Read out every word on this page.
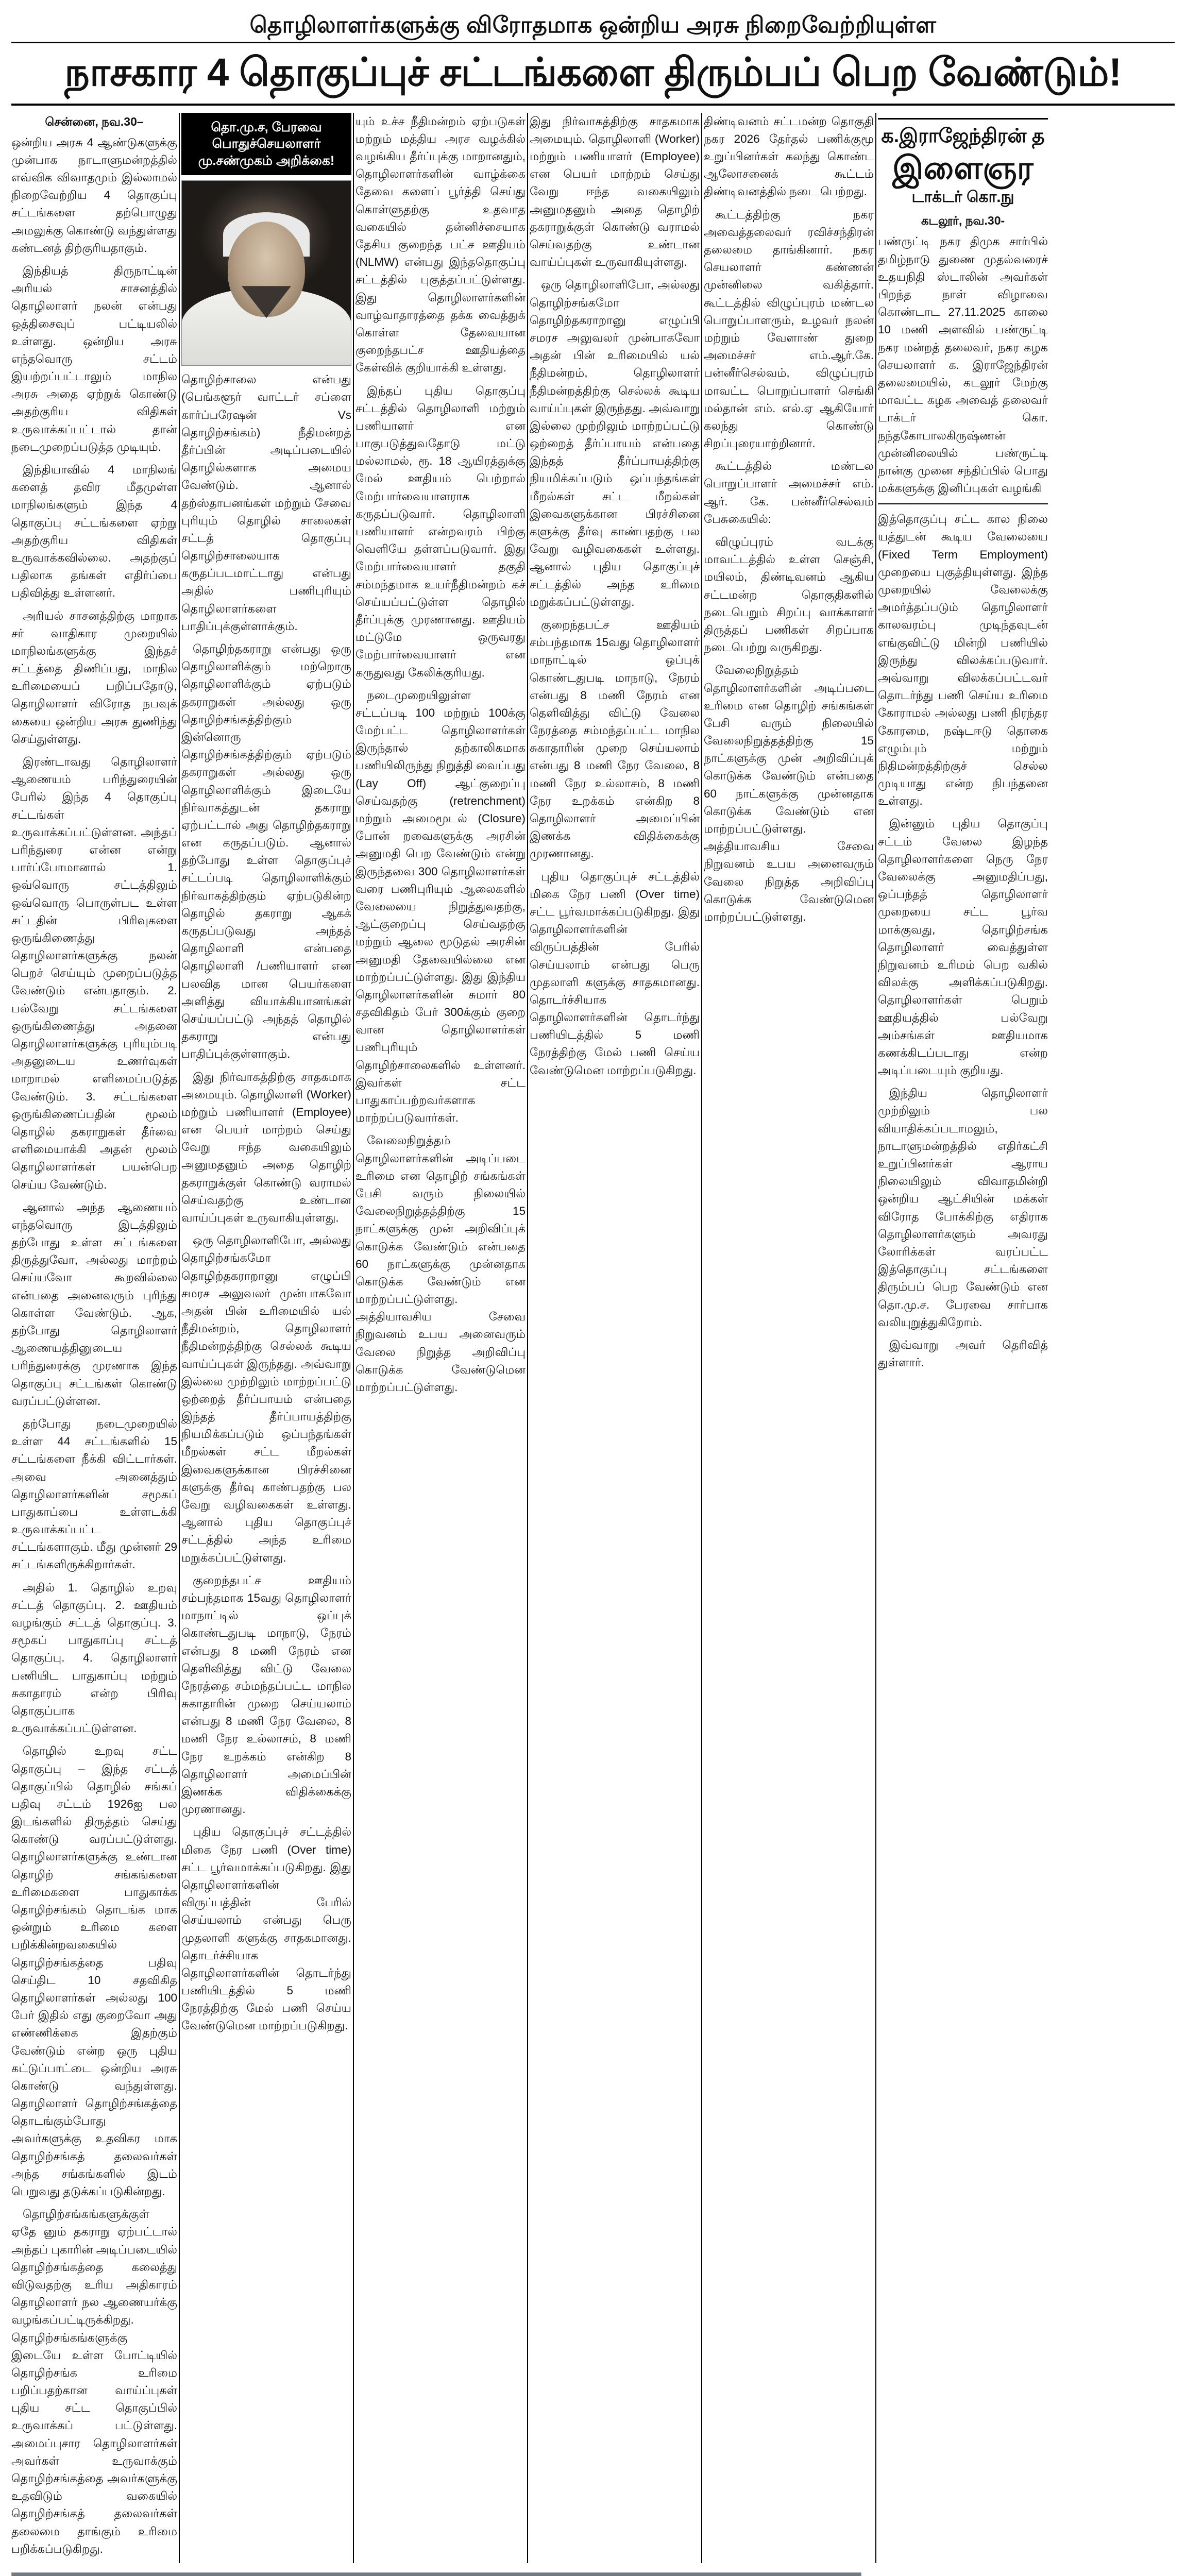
தொழிலாளர்களுக்கு விரோதமாக ஒன்றிய அரசு நிறைவேற்றியுள்ள
நாசகார 4 தொகுப்புச் சட்டங்களை திரும்பப் பெற வேண்டும்!
சென்னை, நவ.30–

ஒன்றிய அரசு 4 ஆண்டுகளுக்கு முன்பாக நாடாளுமன்றத்தில் எவ்விக விவாதமும் இல்லாமல் நிறைவேற்றிய 4 தொகுப்பு சட்டங்களை தற்பொழுது அமலுக்கு கொண்டு வந்துள்ளது கண்டனத் திற்குரியதாகும்.

இந்தியத் திருநாட்டின் அரியல் சாசனத்தில் தொழிலாளர் நலன் என்பது ஒத்திசைவுப் பட்டியலில் உள்ளது. ஒன்றிய அரசு எந்தவொரு சட்டம் இயற்றப்பட்டாலும் மாநில அரசு அதை ஏற்றுக் கொண்டு அதற்குரிய விதிகள் உருவாக்கப்பட்டால் தான் நடைமுறைப்படுத்த முடியும்.

இந்தியாவில் 4 மாநிலங் களைத் தவிர மீதமுள்ள மாநிலங்களும் இந்த 4 தொகுப்பு சட்டங்களை ஏற்று அதற்குரிய விதிகள் உருவாக்கவில்லை. அதற்குப் பதிலாக தங்கள் எதிர்ப்பை பதிவித்து உள்ளனர்.

அரியல் சாசனத்திற்கு மாறாக சர் வாதிகார முறையில் மாநிலங்களுக்கு இந்தச் சட்டத்தை திணிப்பது, மாநில உரிமையைப் பறிப்பதோடு, தொழிலாளர் விரோத நபவுக் கையை ஒன்றிய அரசு துணிந்து செய்துள்ளது.

இரண்டாவது தொழிலாளர் ஆணையம் பரிந்துரையின் பேரில் இந்த 4 தொகுப்பு சட்டங்கள் உருவாக்கப்பட்டுள்ளன. அந்தப் பரிந்துரை என்ன என்று பார்ப்போமானால் 1. ஒவ்வொரு சட்டத்திலும் ஒவ்வொரு பொருள்பட உள்ள சட்டதின் பிரிவுகளை ஒருங்கிணைத்து தொழிலாளர்களுக்கு நலன் பெறச் செய்யும் முறைப்படுத்த வேண்டும் என்பதாகும். 2. பல்வேறு சட்டங்களை ஒருங்கிணைத்து அதனை தொழிலாளர்களுக்கு புரியும்படி அதனுடைய உணர்வுகள் மாறாமல் எளிமைப்படுத்த வேண்டும். 3. சட்டங்களை ஒருங்கிணைப்பதின் மூலம் தொழில் தகராறுகள் தீர்வை எளிமையாக்கி அதன் மூலம் தொழிலாளர்கள் பயன்பெற செய்ய வேண்டும்.

ஆனால் அந்த ஆணையம் எந்தவொரு இடத்திலும் தற்போது உள்ள சட்டங்களை திருத்துவோ, அல்லது மாற்றம் செய்யவோ கூறவில்லை என்பதை அனைவரும் புரிந்து கொள்ள வேண்டும். ஆக, தற்போது தொழிலாளர் ஆணையத்தினுடைய பரிந்துரைக்கு முரணாக இந்த தொகுப்பு சட்டங்கள் கொண்டு வரப்பட்டுள்ளன.

தற்போது நடைமுறையில் உள்ள 44 சட்டங்களில் 15 சட்டங்களை நீக்கி விட்டார்கள். அவை அனைத்தும் தொழிலாளர்களின் சமூகப் பாதுகாப்பை உள்ளடக்கி உருவாக்கப்பட்ட சட்டங்களாகும். மீது முன்னர் 29 சட்டங்களிருக்கிறார்கள்.

அதில் 1. தொழில் உறவு சட்டத் தொகுப்பு. 2. ஊதியம் வழங்கும் சட்டத் தொகுப்பு. 3. சமூகப் பாதுகாப்பு சட்டத் தொகுப்பு. 4. தொழிலாளர் பணியிட பாதுகாப்பு மற்றும் சுகாதாரம் என்ற பிரிவு தொகுப்பாக உருவாக்கப்பட்டுள்ளன.

தொழில் உறவு சட்ட தொகுப்பு – இந்த சட்டத் தொகுப்பில் தொழில் சங்கப் பதிவு சட்டம் 1926ஐ பல இடங்களில் திருத்தம் செய்து கொண்டு வரப்பட்டுள்ளது. தொழிலாளர்களுக்கு உண்டான தொழிற் சங்கங்களை உரிமைகளை பாதுகாக்க தொழிற்சங்கம் தொடங்க மாக ஒன்றும் உரிமை களை பறிக்கின்றவகையில் தொழிற்சங்கத்தை பதிவு செய்திட 10 சதவிகித தொழிலாளர்கள் அல்லது 100 பேர் இதில் எது குறைவோ அது எண்ணிக்கை இதற்கும் வேண்டும் என்ற ஒரு புதிய கட்டுப்பாட்டை ஒன்றிய அரசு கொண்டு வந்துள்ளது. தொழிலாளர் தொழிற்சங்கத்தை தொடங்கும்போது அவர்களுக்கு உதவிகர மாக தொழிற்சங்கத் தலைவர்கள் அந்த சங்கங்களில் இடம் பெறுவது தடுக்கப்படுகின்றது.

தொழிற்சங்கங்களுக்குள் ஏதே னும் தகராறு ஏற்பட்டால் அந்தப் புகாரின் அடிப்படையில் தொழிற்சங்கத்தை கலைத்து விடுவதற்கு உரிய அதிகாரம் தொழிலாளர் நல ஆணையர்க்கு வழங்கப்பட்டிருக்கிறது. தொழிற்சங்கங்களுக்கு இடையே உள்ள போட்டியில் தொழிற்சங்க உரிமை பறிப்பதற்கான வாய்ப்புகள் புதிய சட்ட தொகுப்பில் உருவாக்கப் பட்டுள்ளது. அமைப்புசார தொழிலாளர்கள் அவர்கள் உருவாக்கும் தொழிற்சங்கத்தை அவர்களுக்கு உதவிடும் வகையில் தொழிற்சங்கத் தலைவர்கள் தலைமை தாங்கும் உரிமை பறிக்கப்படுகிறது.

தொ.மு.ச, பேரவை பொதுச்செயலாளர் மு.சண்முகம் அறிக்கை!

தொழிற்சாலை என்பது (பெங்களூர் வாட்டர் சப்ளை கார்ப்பரேஷன் Vs தொழிற்சங்கம்) நீதிமன்றத் தீர்ப்பின் அடிப்படையில் தொழில்களாக அமைய வேண்டும். ஆனால் தற்ஸ்தாபனங்கள் மற்றும் சேவை புரியும் தொழில் சாலைகள் சட்டத் தொகுப்பு தொழிற்சாலையாக கருதப்படமாட்டாது என்பது அதில் பணிபுரியும் தொழிலாளர்களை பாதிப்புக்குள்ளாக்கும்.

தொழிற்தகராறு என்பது ஒரு தொழிலாளிக்கும் மற்றொரு தொழிலாளிக்கும் ஏற்படும் தகராறுகள் அல்லது ஒரு தொழிற்சங்கத்திற்கும் இன்னொரு தொழிற்சங்கத்திற்கும் ஏற்படும் தகராறுகள் அல்லது ஒரு தொழிலாளிக்கும் இடையே நிர்வாகத்துடன் தகராறு ஏற்பட்டால் அது தொழிற்தகராறு என கருதப்படும். ஆனால் தற்போது உள்ள தொகுப்புச் சட்டப்படி தொழிலாளிக்கும் நிர்வாகத்திற்கும் ஏற்படுகின்ற தொழில் தகராறு ஆகக் கருதப்படுவது அந்தத் தொழிலாளி என்பதை தொழிலாளி /பணியாளர் என பலவித மான பெயர்களை அளித்து வியாக்கியானங்கள் செய்யப்பட்டு அந்தத் தொழில் தகராறு என்பது பாதிப்புக்குள்ளாகும்.

இது நிர்வாகத்திற்கு சாதகமாக அமையும். தொழிலாளி (Worker) மற்றும் பணியாளர் (Employee) என பெயர் மாற்றம் செய்து வேறு ஈந்த வகையிலும் அனுமதனும் அதை தொழிற் தகராறுக்குள் கொண்டு வராமல் செய்வதற்கு உண்டான வாய்ப்புகள் உருவாகியுள்ளது.

ஒரு தொழிலாளிபோ, அல்லது தொழிற்சங்கமோ தொழிற்தகராறானு எழுப்பி சமரச அலுவலர் முன்பாகவோ அதன் பின் உரிமையில் யல் நீதிமன்றம், தொழிலாளர் நீதிமன்றத்திற்கு செல்லக் கூடிய வாய்ப்புகள் இருந்தது. அவ்வாறு இல்லை முற்றிலும் மாற்றப்பட்டு ஒற்றைத் தீர்ப்பாயம் என்பதை இந்தத் தீர்ப்பாயத்திற்கு நியமிக்கப்படும் ஒப்பந்தங்கள் மீறல்கள் சட்ட மீறல்கள் இவைகளுக்கான பிரச்சினை களுக்கு தீர்வு காண்பதற்கு பல வேறு வழிவகைகள் உள்ளது. ஆனால் புதிய தொகுப்புச் சட்டத்தில் அந்த உரிமை மறுக்கப்பட்டுள்ளது.

குறைந்தபட்ச ஊதியம் சம்பந்தமாக 15வது தொழிலாளர் மாநாட்டில் ஒப்புக் கொண்டதுபடி மாநாடு, நேரம் என்பது 8 மணி நேரம் என தெளிவித்து விட்டு வேலை நேரத்தை சம்மந்தப்பட்ட மாநில சுகாதாரின் முறை செய்யலாம் என்பது 8 மணி நேர வேலை, 8 மணி நேர உல்லாசம், 8 மணி நேர உறக்கம் என்கிற 8 தொழிலாளர் அமைப்பின் இணக்க விதிக்கைக்கு முரணானது.

புதிய தொகுப்புச் சட்டத்தில் மிகை நேர பணி (Over time) சட்ட பூர்வமாக்கப்படுகிறது. இது தொழிலாளர்களின் விருப்பத்தின் பேரில் செய்யலாம் என்பது பெரு முதலாளி களுக்கு சாதகமானது. தொடர்ச்சியாக தொழிலாளர்களின் தொடர்ந்து பணியிடத்தில் 5 மணி நேரத்திற்கு மேல் பணி செய்ய வேண்டுமென மாற்றப்படுகிறது.

யும் உச்ச நீதிமன்றம் ஏற்படுகள் மற்றும் மத்திய அரச வழக்கில் வழங்கிய தீர்ப்புக்கு மாறானதும், தொழிலாளர்களின் வாழ்க்கை தேவை களைப் பூர்த்தி செய்து கொள்ளுதற்கு உதவாத வகையில் தன்னிச்சையாக தேசிய குறைந்த பட்ச ஊதியம் (NLMW) என்பது இந்ததொகுப்பு சட்டத்தில் புகுத்தப்பட்டுள்ளது. இது தொழிலாளர்களின் வாழ்வாதாரத்தை தக்க வைத்துக் கொள்ள தேவையான குறைந்தபட்ச ஊதியத்தை கேள்விக் குறியாக்கி உள்ளது.

இந்தப் புதிய தொகுப்பு சட்டத்தில் தொழிலாளி மற்றும் பணியாளர் என பாகுபடுத்துவதோடு மட்டு மல்லாமல், ரூ. 18 ஆயிரத்துக்கு மேல் ஊதியம் பெற்றால் மேற்பார்வையாளராக கருதப்படுவார். தொழிலாளி பணியாளர் என்றவரம் பிற்கு வெளியே தள்ளப்படுவார். இது மேற்பார்வையாளர் தகுதி சம்மந்தமாக உயர்நீதிமன்றம் கச் செய்யப்பட்டுள்ள தொழில் தீர்ப்புக்கு முரணானது. ஊதியம் மட்டுமே ஒருவரது மேற்பார்வையாளர் என கருதுவது கேலிக்குரியது.

நடைமுறையிலுள்ள சட்டப்படி 100 மற்றும் 100க்கு மேற்பட்ட தொழிலாளர்கள் இருந்தால் தற்காலிகமாக பணியிலிருந்து நிறுத்தி வைப்பது (Lay Off) ஆட்குறைப்பு செய்வதற்கு (retrenchment) மற்றும் அமைமூடல் (Closure) போன் றவைகளுக்கு அரசின் அனுமதி பெற வேண்டும் என்று இருந்தவை 300 தொழிலாளர்கள் வரை பணிபுரியும் ஆலைகளில் வேலையை நிறுத்துவதற்கு, ஆட்குறைப்பு செய்வதற்கு மற்றும் ஆலை மூடுதல் அரசின் அனுமதி தேவையில்லை என மாற்றப்பட்டுள்ளது. இது இந்திய தொழிலாளர்களின் சுமார் 80 சதவிகிதம் பேர் 300க்கும் குறை வான தொழிலாளர்கள் பணிபுரியும் தொழிற்சாலைகளில் உள்ளனர். இவர்கள் சட்ட பாதுகாப்பற்றவர்களாக மாற்றப்படுவார்கள்.

வேலைநிறுத்தம் தொழிலாளர்களின் அடிப்படை உரிமை என தொழிற் சங்கங்கள் பேசி வரும் நிலையில் வேலைநிறுத்தத்திற்கு 15 நாட்களுக்கு முன் அறிவிப்புக் கொடுக்க வேண்டும் என்பதை 60 நாட்களுக்கு முன்னதாக கொடுக்க வேண்டும் என மாற்றப்பட்டுள்ளது. அத்தியாவசிய சேவை நிறுவனம் உபய அனைவரும் வேலை நிறுத்த அறிவிப்பு கொடுக்க வேண்டுமென மாற்றப்பட்டுள்ளது.

இது நிர்வாகத்திற்கு சாதகமாக அமையும். தொழிலாளி (Worker) மற்றும் பணியாளர் (Employee) என பெயர் மாற்றம் செய்து வேறு ஈந்த வகையிலும் அனுமதனும் அதை தொழிற் தகராறுக்குள் கொண்டு வராமல் செய்வதற்கு உண்டான வாய்ப்புகள் உருவாகியுள்ளது.

ஒரு தொழிலாளிபோ, அல்லது தொழிற்சங்கமோ தொழிற்தகராறானு எழுப்பி சமரச அலுவலர் முன்பாகவோ அதன் பின் உரிமையில் யல் நீதிமன்றம், தொழிலாளர் நீதிமன்றத்திற்கு செல்லக் கூடிய வாய்ப்புகள் இருந்தது. அவ்வாறு இல்லை முற்றிலும் மாற்றப்பட்டு ஒற்றைத் தீர்ப்பாயம் என்பதை இந்தத் தீர்ப்பாயத்திற்கு நியமிக்கப்படும் ஒப்பந்தங்கள் மீறல்கள் சட்ட மீறல்கள் இவைகளுக்கான பிரச்சினை களுக்கு தீர்வு காண்பதற்கு பல வேறு வழிவகைகள் உள்ளது. ஆனால் புதிய தொகுப்புச் சட்டத்தில் அந்த உரிமை மறுக்கப்பட்டுள்ளது.

குறைந்தபட்ச ஊதியம் சம்பந்தமாக 15வது தொழிலாளர் மாநாட்டில் ஒப்புக் கொண்டதுபடி மாநாடு, நேரம் என்பது 8 மணி நேரம் என தெளிவித்து விட்டு வேலை நேரத்தை சம்மந்தப்பட்ட மாநில சுகாதாரின் முறை செய்யலாம் என்பது 8 மணி நேர வேலை, 8 மணி நேர உல்லாசம், 8 மணி நேர உறக்கம் என்கிற 8 தொழிலாளர் அமைப்பின் இணக்க விதிக்கைக்கு முரணானது.

புதிய தொகுப்புச் சட்டத்தில் மிகை நேர பணி (Over time) சட்ட பூர்வமாக்கப்படுகிறது. இது தொழிலாளர்களின் விருப்பத்தின் பேரில் செய்யலாம் என்பது பெரு முதலாளி களுக்கு சாதகமானது. தொடர்ச்சியாக தொழிலாளர்களின் தொடர்ந்து பணியிடத்தில் 5 மணி நேரத்திற்கு மேல் பணி செய்ய வேண்டுமென மாற்றப்படுகிறது.

திண்டிவனம் சட்டமன்ற தொகுதி நகர 2026 தேர்தல் பணிக்குமூ உறுப்பினர்கள் கலந்து கொண்ட ஆலோசனைக் கூட்டம் திண்டிவனத்தில் நடை பெற்றது.

கூட்டத்திற்கு நகர அவைத்தலைவர் ரவிச்சந்திரன் தலைமை தாங்கினார். நகர செயலாளர் கண்ணன் முன்னிலை வகித்தார். கூட்டத்தில் விழுப்புரம் மண்டல பொறுப்பாளரும், உழவர் நலன் மற்றும் வேளாண் துறை அமைச்சர் எம்.ஆர்.கே. பன்னீர்செல்வம், விழுப்புரம் மாவட்ட பொறுப்பாளர் செங்கி மல்தான் எம். எல்.ஏ ஆகியோர் கலந்து கொண்டு சிறப்புரையாற்றினார்.

கூட்டத்தில் மண்டல பொறுப்பாளர் அமைச்சர் எம். ஆர். கே. பன்னீர்செல்வம் பேசுகையில்:

விழுப்புரம் வடக்கு மாவட்டத்தில் உள்ள செஞ்சி, மயிலம், திண்டிவனம் ஆகிய சட்டமன்ற தொகுதிகளில் நடைபெறும் சிறப்பு வாக்காளர் திருத்தப் பணிகள் சிறப்பாக நடைபெற்று வருகிறது.

வேலைநிறுத்தம் தொழிலாளர்களின் அடிப்படை உரிமை என தொழிற் சங்கங்கள் பேசி வரும் நிலையில் வேலைநிறுத்தத்திற்கு 15 நாட்களுக்கு முன் அறிவிப்புக் கொடுக்க வேண்டும் என்பதை 60 நாட்களுக்கு முன்னதாக கொடுக்க வேண்டும் என மாற்றப்பட்டுள்ளது. அத்தியாவசிய சேவை நிறுவனம் உபய அனைவரும் வேலை நிறுத்த அறிவிப்பு கொடுக்க வேண்டுமென மாற்றப்பட்டுள்ளது.

க.இராஜேந்திரன் த
இளைஞர
டாக்டர் கொ.நு
கடலூர், நவ.30-

பண்ருட்டி நகர திமுக சார்பில் தமிழ்நாடு துணை முதல்வரைச் உதயநிதி ஸ்டாலின் அவர்கள் பிறந்த நாள் விழாவை கொண்டாட 27.11.2025 காலை 10 மணி அளவில் பண்ருட்டி நகர மன்றத் தலைவர், நகர கழக செயலாளர் க. இராஜேந்திரன் தலைமையில், கடலூர் மேற்கு மாவட்ட கழக அவைத் தலைவர் டாக்டர் கொ. நந்தகோபாலகிருஷ்ணன் முன்னிலையில் பண்ருட்டி நான்கு முனை சந்திப்பில் பொது மக்களுக்கு இனிப்புகள் வழங்கி

இத்தொகுப்பு சட்ட கால நிலை யத்துடன் கூடிய வேலையை (Fixed Term Employment) முறையை புகுத்தியுள்ளது. இந்த முறையில் வேலைக்கு அமர்த்தப்படும் தொழிலாளர் காலவரம்பு முடிந்தவுடன் எங்குவிட்டு மின்றி பணியில் இருந்து விலக்கப்படுவார். அவ்வாறு விலக்கப்பட்டவர் தொடர்ந்து பணி செய்ய உரிமை கோராமல் அல்லது பணி நிரந்தர கோரமை, நஷ்டஈடு தொகை எழும்பும் மற்றும் நிதிமன்றத்திற்குச் செல்ல முடியாது என்ற நிபந்தனை உள்ளது.

இன்னும் புதிய தொகுப்பு சட்டம் வேலை இழந்த தொழிலாளர்களை நெரு நேர வேலைக்கு அனுமதிப்பது, ஒப்பந்தத் தொழிலாளர் முறையை சட்ட பூர்வ மாக்குவது, தொழிற்சங்க தொழிலாளர் வைத்துள்ள நிறுவனம் உரிமம் பெற வகில் விலக்கு அளிக்கப்படுகிறது. தொழிலாளர்கள் பெறும் ஊதியத்தில் பல்வேறு அம்சங்கள் ஊதியமாக கணக்கிடப்படாது என்ற அடிப்படையும் குறியது.

இந்திய தொழிலாளர் முற்றிலும் பல வியாதிக்கப்படாமலும், நாடாளுமன்றத்தில் எதிர்கட்சி உறுப்பினர்கள் ஆராய நிலையிலும் விவாதமின்றி ஒன்றிய ஆட்சியின் மக்கள் விரோத போக்கிற்கு எதிராக தொழிலாளர்களும் அவரது லோரிக்கள் வரப்பட்ட இத்தொகுப்பு சட்டங்களை திரும்பப் பெற வேண்டும் என தொ.மு.ச. பேரவை சார்பாக வலியுறுத்துகிறோம்.

இவ்வாறு அவர் தெரிவித் துள்ளார்.
